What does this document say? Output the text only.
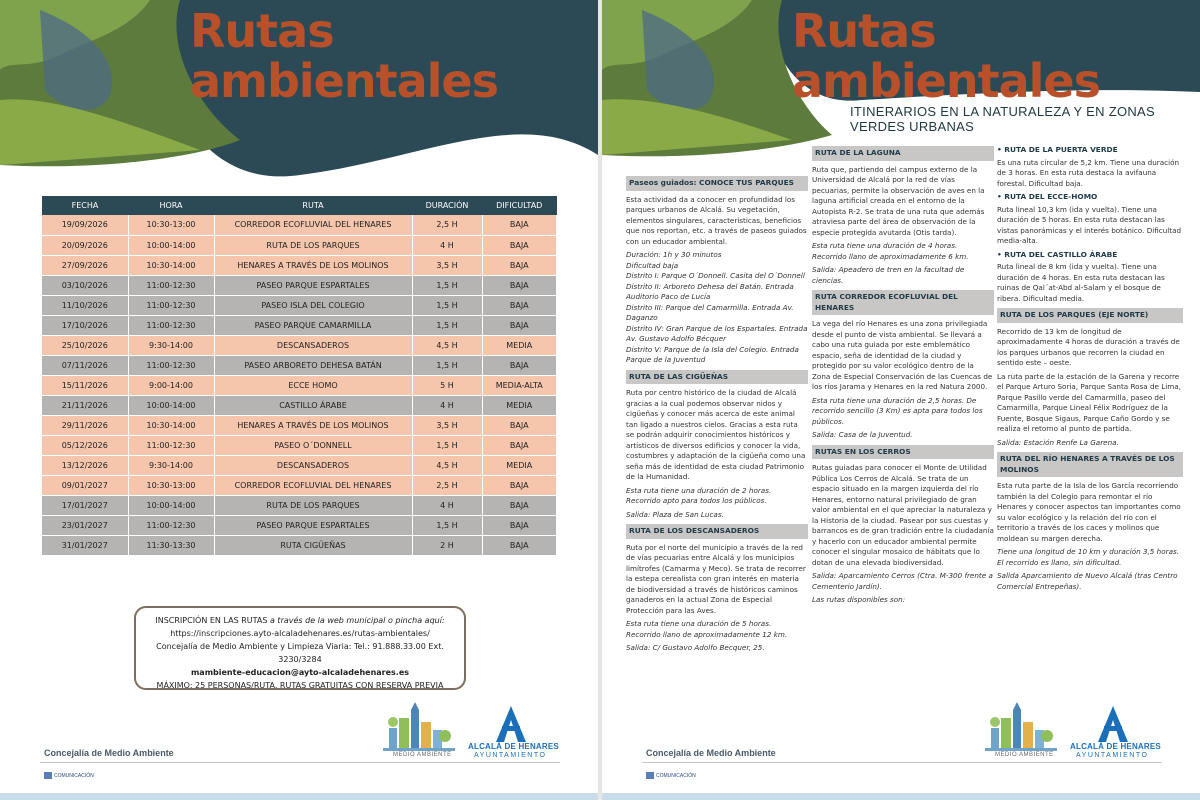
Rutas
ambientales
FECHA	HORA	RUTA	DURACIÓN	DIFICULTAD
19/09/2026	10:30-13:00	CORREDOR ECOFLUVIAL DEL HENARES	2,5 H	BAJA
20/09/2026	10:00-14:00	RUTA DE LOS PARQUES	4 H	BAJA
27/09/2026	10:30-14:00	HENARES A TRAVÉS DE LOS MOLINOS	3,5 H	BAJA
03/10/2026	11:00-12:30	PASEO PARQUE ESPARTALES	1,5 H	BAJA
11/10/2026	11:00-12:30	PASEO ISLA DEL COLEGIO	1,5 H	BAJA
17/10/2026	11:00-12:30	PASEO PARQUE CAMARMILLA	1,5 H	BAJA
25/10/2026	9:30-14:00	DESCANSADEROS	4,5 H	MEDIA
07/11/2026	11:00-12:30	PASEO ARBORETO DEHESA BATÁN	1,5 H	BAJA
15/11/2026	9:00-14:00	ECCE HOMO	5 H	MEDIA-ALTA
21/11/2026	10:00-14:00	CASTILLO ÁRABE	4 H	MEDIA
29/11/2026	10:30-14:00	HENARES A TRAVÉS DE LOS MOLINOS	3,5 H	BAJA
05/12/2026	11:00-12:30	PASEO O´DONNELL	1,5 H	BAJA
13/12/2026	9:30-14:00	DESCANSADEROS	4,5 H	MEDIA
09/01/2027	10:30-13:00	CORREDOR ECOFLUVIAL DEL HENARES	2,5 H	BAJA
17/01/2027	10:00-14:00	RUTA DE LOS PARQUES	4 H	BAJA
23/01/2027	11:00-12:30	PASEO PARQUE ESPARTALES	1,5 H	BAJA
31/01/2027	11:30-13:30	RUTA CIGÜEÑAS	2 H	BAJA
INSCRIPCIÓN EN LAS RUTAS a través de la web municipal o pincha aquí:
https://inscripciones.ayto-alcaladehenares.es/rutas-ambientales/
Concejalía de Medio Ambiente y Limpieza Viaria: Tel.: 91.888.33.00 Ext. 3230/3284
mambiente-educacion@ayto-alcaladehenares.es
MÁXIMO: 25 PERSONAS/RUTA. RUTAS GRATUITAS CON RESERVA PREVIA
MEDIO AMBIENTE
ALCALÁ DE HENARES
AYUNTAMIENTO
Concejalía de Medio Ambiente
COMUNICACIÓN
Rutas
ambientales
ITINERARIOS EN LA NATURALEZA Y EN ZONAS VERDES URBANAS
Paseos guiados: CONOCE TUS PARQUES

Esta actividad da a conocer en profundidad los parques urbanos de Alcalá. Su vegetación, elementos singulares, características, beneficios que nos reportan, etc. a través de paseos guiados con un educador ambiental.

Duración: 1h y 30 minutos
Dificultad baja
Distrito I: Parque O´Donnell. Casita del O´Donnell
Distrito II: Arboreto Dehesa del Batán. Entrada Auditorio Paco de Lucía
Distrito III: Parque del Camarmilla. Entrada Av. Daganzo
Distrito IV: Gran Parque de los Espartales. Entrada Av. Gustavo Adolfo Bécquer
Distrito V: Parque de la Isla del Colegio. Entrada Parque de la Juventud

RUTA DE LAS CIGÜEÑAS

Ruta por centro histórico de la ciudad de Alcalá gracias a la cual podemos observar nidos y cigüeñas y conocer más acerca de este animal tan ligado a nuestros cielos. Gracias a esta ruta se podrán adquirir conocimientos históricos y artísticos de diversos edificios y conocer la vida, costumbres y adaptación de la cigüeña como una seña más de identidad de esta ciudad Patrimonio de la Humanidad.

Esta ruta tiene una duración de 2 horas. Recorrido apto para todos los públicos.

Salida: Plaza de San Lucas.

RUTA DE LOS DESCANSADEROS

Ruta por el norte del municipio a través de la red de vías pecuarias entre Alcalá y los municipios limítrofes (Camarma y Meco). Se trata de recorrer la estepa cerealista con gran interés en materia de biodiversidad a través de históricos caminos ganaderos en la actual Zona de Especial Protección para las Aves.

Esta ruta tiene una duración de 5 horas. Recorrido llano de aproximadamente 12 km.

Salida: C/ Gustavo Adolfo Becquer, 25.

RUTA DE LA LAGUNA

Ruta que, partiendo del campus externo de la Universidad de Alcalá por la red de vías pecuarias, permite la observación de aves en la laguna artificial creada en el entorno de la Autopista R-2. Se trata de una ruta que además atraviesa parte del área de observación de la especie protegida avutarda (Otis tarda).

Esta ruta tiene una duración de 4 horas. Recorrido llano de aproximadamente 6 km.

Salida: Apeadero de tren en la facultad de ciencias.

RUTA CORREDOR ECOFLUVIAL DEL HENARES

La vega del río Henares es una zona privilegiada desde el punto de vista ambiental. Se llevará a cabo una ruta guiada por este emblemático espacio, seña de identidad de la ciudad y protegido por su valor ecológico dentro de la Zona de Especial Conservación de las Cuencas de los ríos Jarama y Henares en la red Natura 2000.

Esta ruta tiene una duración de 2,5 horas. De recorrido sencillo (3 Km) es apta para todos los públicos.

Salida: Casa de la Juventud.

RUTAS EN LOS CERROS

Rutas guiadas para conocer el Monte de Utilidad Pública Los Cerros de Alcalá. Se trata de un espacio situado en la margen izquierda del río Henares, entorno natural privilegiado de gran valor ambiental en el que apreciar la naturaleza y la Historia de la ciudad. Pasear por sus cuestas y barrancos es de gran tradición entre la ciudadanía y hacerlo con un educador ambiental permite conocer el singular mosaico de hábitats que lo dotan de una elevada biodiversidad.

Salida: Aparcamiento Cerros (Ctra. M-300 frente a Cementerio Jardín).

Las rutas disponibles son:

• RUTA DE LA PUERTA VERDE

Es una ruta circular de 5,2 km. Tiene una duración de 3 horas. En esta ruta destaca la avifauna forestal. Dificultad baja.

• RUTA DEL ECCE-HOMO

Ruta lineal 10,3 km (ida y vuelta). Tiene una duración de 5 horas. En esta ruta destacan las vistas panorámicas y el interés botánico. Dificultad media-alta.

• RUTA DEL CASTILLO ÁRABE

Ruta lineal de 8 km (ida y vuelta). Tiene una duración de 4 horas. En esta ruta destacan las ruinas de Qal´at-Abd al-Salam y el bosque de ribera. Dificultad media.

RUTA DE LOS PARQUES (EJE NORTE)

Recorrido de 13 km de longitud de aproximadamente 4 horas de duración a través de los parques urbanos que recorren la ciudad en sentido este – oeste.

La ruta parte de la estación de la Garena y recorre el Parque Arturo Soria, Parque Santa Rosa de Lima, Parque Pasillo verde del Camarmilla, paseo del Camarmilla, Parque Lineal Félix Rodríguez de la Fuente, Bosque Sigaus, Parque Caño Gordo y se realiza el retorno al punto de partida.

Salida: Estación Renfe La Garena.

RUTA DEL RÍO HENARES A TRAVÉS DE LOS MOLINOS

Esta ruta parte de la Isla de los García recorriendo también la del Colegio para remontar el río Henares y conocer aspectos tan importantes como su valor ecológico y la relación del río con el territorio a través de los caces y molinos que moldean su margen derecha.

Tiene una longitud de 10 km y duración 3,5 horas. El recorrido es llano, sin dificultad.

Salida Aparcamiento de Nuevo Alcalá (tras Centro Comercial Entrepeñas).

MEDIO AMBIENTE
ALCALÁ DE HENARES
AYUNTAMIENTO
Concejalía de Medio Ambiente
COMUNICACIÓN
